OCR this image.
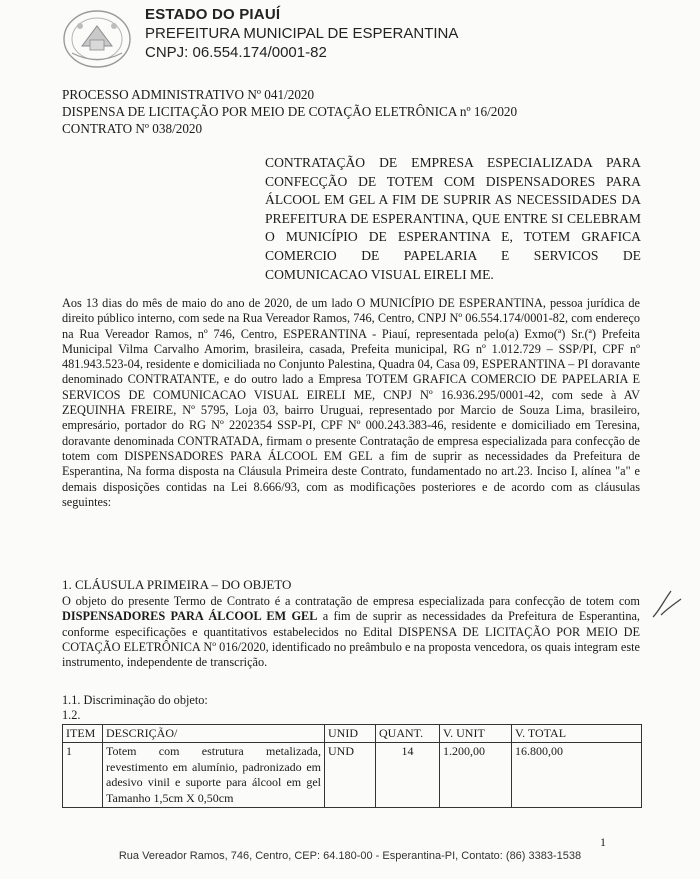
ESTADO DO PIAUÍ
PREFEITURA MUNICIPAL DE ESPERANTINA
CNPJ: 06.554.174/0001-82
PROCESSO ADMINISTRATIVO Nº 041/2020
DISPENSA DE LICITAÇÃO POR MEIO DE COTAÇÃO ELETRÔNICA nº 16/2020
CONTRATO Nº 038/2020
CONTRATAÇÃO DE EMPRESA ESPECIALIZADA PARA CONFECÇÃO DE TOTEM COM DISPENSADORES PARA ÁLCOOL EM GEL A FIM DE SUPRIR AS NECESSIDADES DA PREFEITURA DE ESPERANTINA, QUE ENTRE SI CELEBRAM O MUNICÍPIO DE ESPERANTINA E, TOTEM GRAFICA COMERCIO DE PAPELARIA E SERVICOS DE COMUNICACAO VISUAL EIRELI ME.
Aos 13 dias do mês de maio do ano de 2020, de um lado O MUNICÍPIO DE ESPERANTINA, pessoa jurídica de direito público interno, com sede na Rua Vereador Ramos, 746, Centro, CNPJ Nº 06.554.174/0001-82, com endereço na Rua Vereador Ramos, nº 746, Centro, ESPERANTINA - Piauí, representada pelo(a) Exmo(ª) Sr.(ª) Prefeita Municipal Vilma Carvalho Amorim, brasileira, casada, Prefeita municipal, RG nº 1.012.729 – SSP/PI, CPF nº 481.943.523-04, residente e domiciliada no Conjunto Palestina, Quadra 04, Casa 09, ESPERANTINA – PI doravante denominado CONTRATANTE, e do outro lado a Empresa TOTEM GRAFICA COMERCIO DE PAPELARIA E SERVICOS DE COMUNICACAO VISUAL EIRELI ME, CNPJ Nº 16.936.295/0001-42, com sede à AV ZEQUINHA FREIRE, Nº 5795, Loja 03, bairro Uruguai, representado por Marcio de Souza Lima, brasileiro, empresário, portador do RG Nº 2202354 SSP-PI, CPF Nº 000.243.383-46, residente e domiciliado em Teresina, doravante denominada CONTRATADA, firmam o presente Contratação de empresa especializada para confecção de totem com DISPENSADORES PARA ÁLCOOL EM GEL a fim de suprir as necessidades da Prefeitura de Esperantina, Na forma disposta na Cláusula Primeira deste Contrato, fundamentado no art.23. Inciso I, alínea "a" e demais disposições contidas na Lei 8.666/93, com as modificações posteriores e de acordo com as cláusulas seguintes:
1. CLÁUSULA PRIMEIRA – DO OBJETO
O objeto do presente Termo de Contrato é a contratação de empresa especializada para confecção de totem com DISPENSADORES PARA ÁLCOOL EM GEL a fim de suprir as necessidades da Prefeitura de Esperantina, conforme especificações e quantitativos estabelecidos no Edital DISPENSA DE LICITAÇÃO POR MEIO DE COTAÇÃO ELETRÔNICA Nº 016/2020, identificado no preâmbulo e na proposta vencedora, os quais integram este instrumento, independente de transcrição.
1.1. Discriminação do objeto:
1.2.
ITEM	DESCRIÇÃO/	UNID	QUANT.	V. UNIT	V. TOTAL
1	Totem com estrutura metalizada, revestimento em alumínio, padronizado em adesivo vinil e suporte para álcool em gel Tamanho 1,5cm X 0,50cm	UND	14	1.200,00	16.800,00
1
Rua Vereador Ramos, 746, Centro, CEP: 64.180-00 - Esperantina-PI, Contato: (86) 3383-1538
